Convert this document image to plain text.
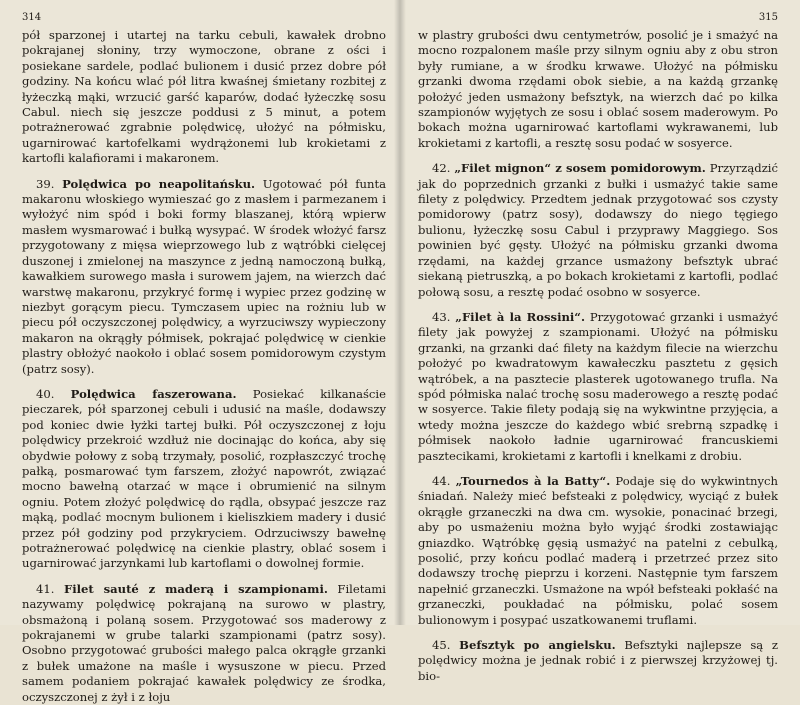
314

pół sparzonej i utartej na tarku cebuli, kawałek drobno pokrajanej słoniny, trzy wymoczone, obrane z ości i posiekane sardele, podlać bulionem i dusić przez dobre pół godziny. Na końcu wlać pół litra kwaśnej śmietany rozbitej z łyżeczką mąki, wrzucić garść kaparów, dodać łyżeczkę sosu Cabul. niech się jeszcze poddusi z 5 minut, a potem potrażnerować zgrabnie polędwicę, ułożyć na półmisku, ugarnirować kartofelkami wydrążonemi lub krokietami z kartofli kalafiorami i makaronem.

39. Polędwica po neapolitańsku. Ugotować pół funta makaronu włoskiego wymieszać go z masłem i parmezanem i wyłożyć nim spód i boki formy blaszanej, którą wpierw masłem wysmarować i bułką wysypać. W środek włożyć farsz przygotowany z mięsa wieprzowego lub z wątróbki cielęcej duszonej i zmielonej na maszynce z jedną namoczoną bułką, kawałkiem surowego masła i surowem jajem, na wierzch dać warstwę makaronu, przykryć formę i wypiec przez godzinę w niezbyt gorącym piecu. Tymczasem upiec na rożniu lub w piecu pół oczyszczonej polędwicy, a wyrzucіwszy wypieczony makaron na okrągły półmisek, pokrajać polędwicę w cienkie plastry obłożyć naokoło i oblać sosem pomidorowym czystym (patrz sosy).

40. Polędwica faszerowana. Posiekać kilkanaście pieczarek, pół sparzonej cebuli i udusić na maśle, dodawszy pod koniec dwie łyżki tartej bułki. Pół oczyszczonej z łoju polędwicy przekroić wzdłuż nie docinając do końca, aby się obydwie połowy z sobą trzymały, posolić, rozpłaszczyć trochę pałką, posmarować tym farszem, złożyć napowrót, związać mocno bawełną otarzać w mące i obrumienić na silnym ogniu. Potem złożyć polędwicę do rądla, obsypać jeszcze raz mąką, podlać mocnym bulionem i kieliszkiem madery i dusić przez pół godziny pod przykryciem. Odrzuciwszy bawełnę potrażnerować polędwicę na cienkie plastry, oblać sosem i ugarnirować jarzynkami lub kartoflami o dowolnej formie.

41. Filet sauté z maderą i szampionami. Filetami nazywamy polędwicę pokrajaną na surowo w plastry, obsmażoną i polaną sosem. Przygotować sos maderowy z pokrajanemi w grube talarki szampionami (patrz sosy). Osobno przygotować grubości małego palca okrągłe grzanki z bułek umażone na maśle i wysuszone w piecu. Przed samem podaniem pokrajać kawałek polędwicy ze środka, oczyszczonej z żył i z łoju

315

w plastry grubości dwu centymetrów, posolić je i smażyć na mocno rozpalonem maśle przy silnym ogniu aby z obu stron były rumiane, a w środku krwawe. Ułożyć na półmisku grzanki dwoma rzędami obok siebie, a na każdą grzankę położyć jeden usmażony befsztyk, na wierzch dać po kilka szampionów wyjętych ze sosu i oblać sosem maderowym. Po bokach można ugarnirować kartoflami wykrawanemi, lub krokietami z kartofli, a resztę sosu podać w sosyerce.

42. „Filet mignon“ z sosem pomidorowym. Przyrządzić jak do poprzednich grzanki z bułki i usmażyć takie same filety z polędwicy. Przedtem jednak przygotować sos czysty pomidorowy (patrz sosy), dodawszy do niego tęgiego bulionu, łyżeczkę sosu Cabul i przyprawy Maggiego. Sos powinien być gęsty. Ułożyć na półmisku grzanki dwoma rzędami, na każdej grzance usmażony befsztyk ubrać siekaną pietruszką, a po bokach krokietami z kartofli, podlać połową sosu, a resztę podać osobno w sosyerce.

43. „Filet à la Rossini“. Przygotować grzanki i usmażyć filety jak powyżej z szampionami. Ułożyć na półmisku grzanki, na grzanki dać filety na każdym filecie na wierzchu położyć po kwadratowym kawałeczku pasztetu z gęsich wątróbek, a na pasztecie plasterek ugotowanego trufla. Na spód półmiska nalać trochę sosu maderowego a resztę podać w sosyerce. Takie filety podają się na wykwintne przyjęcia, a wtedy można jeszcze do każdego wbić srebrną szpadkę i półmisek naokoło ładnie ugarnirować francuskiemi pasztecikami, krokietami z kartofli i knelkami z drobiu.

44. „Tournedos à la Batty“. Podaje się do wykwintnych śniadań. Należy mieć befsteaki z polędwicy, wyciąć z bułek okrągłe grzaneczki na dwa cm. wysokie, ponacinać brzegi, aby po usmażeniu można było wyjąć środki zostawiając gniazdko. Wątróbkę gęsią usmażyć na patelni z cebulką, posolić, przy końcu podlać maderą i przetrzeć przez sito dodawszy trochę pieprzu i korzeni. Następnie tym farszem napełnić grzaneczki. Usmażone na wpół befsteaki pokłaść na grzaneczki, poukładać na półmisku, polać sosem bulionowym i posypać uszatkowanemi truflami.

45. Befsztyk po angielsku. Befsztyki najlepsze są z polędwicy można je jednak robić i z pierwszej krzyżowej tj. bio-
